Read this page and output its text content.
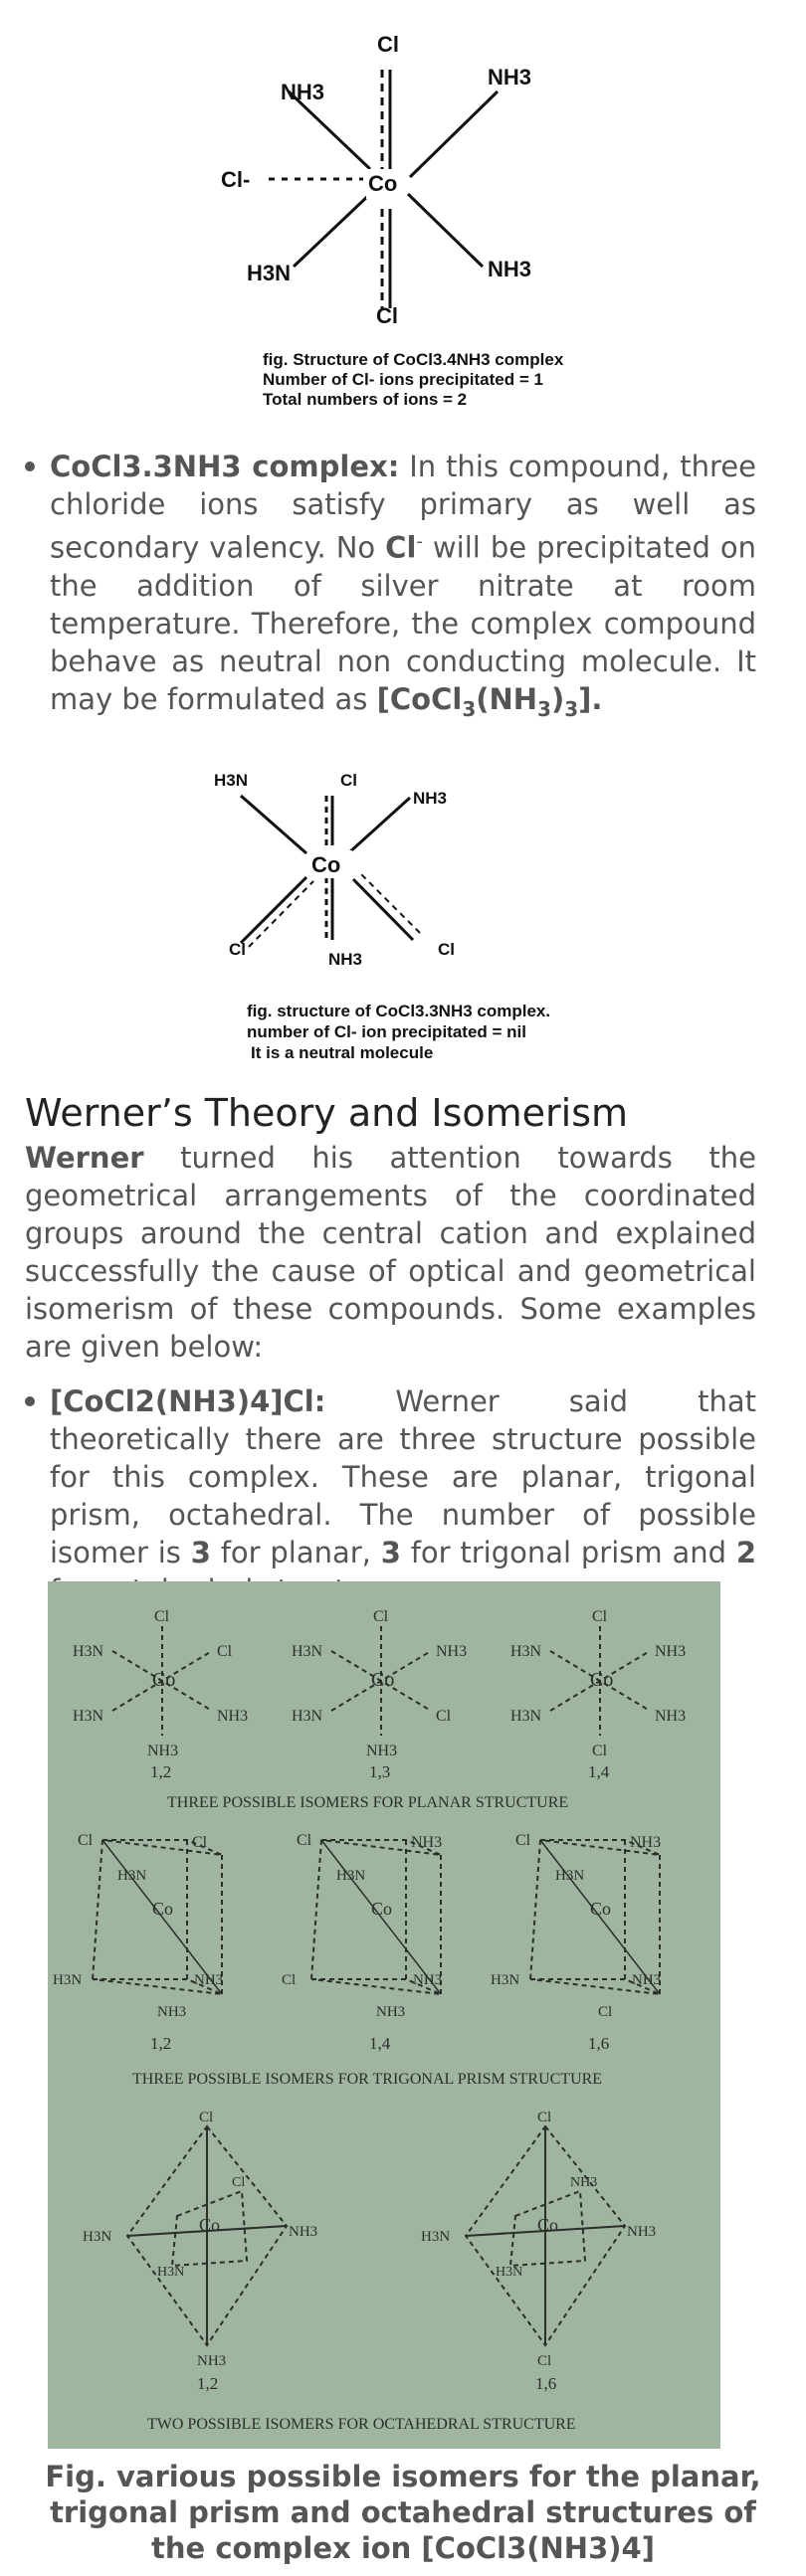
Cl
NH3
NH3
Cl-	Co
H3N	NH3
Cl
fig. Structure of CoCl3.4NH3 complex
Number of Cl- ions precipitated = 1
Total numbers of ions = 2
CoCl3.3NH3 complex: In this compound, three chloride ions satisfy primary as well as secondary valency. No Cl- will be precipitated on the addition of silver nitrate at room temperature. Therefore, the complex compound behave as neutral non conducting molecule. It may be formulated as $[CoCl_3(NH_3)_3]$.
H3N	Cl
NH3
Co
Cl
NH3
Cl
fig. structure of CoCl3.3NH3 complex.
number of Cl- ion precipitated = nil
It is a neutral molecule
Werner’s Theory and Isomerism
Werner turned his attention towards the geometrical arrangements of the coordinated groups around the central cation and explained successfully the cause of optical and geometrical isomerism of these compounds. Some examples are given below:
[CoCl2(NH3)4]Cl: Werner said that theoretically there are three structure possible for this complex. These are planar, trigonal prism, octahedral. The number of possible isomer is 3 for planar, 3 for trigonal prism and 2
Co
Cl
Cl
H3N
H3N	NH3
NH3
Co
Cl
NH3
H3N
H3N	Cl
NH3
Co
Cl
NH3
H3N
H3N	NH3
Cl
1,2	1,3	1,4
THREE POSSIBLE ISOMERS FOR PLANAR STRUCTURE
Co
Cl	Cl
H3N
H3N	NH3
NH3
Co
Cl	NH3
H3N
Cl	NH3
NH3
Co
Cl	NH3
H3N
H3N	NH3
Cl
1,2	1,4	1,6
THREE POSSIBLE ISOMERS FOR TRIGONAL PRISM STRUCTURE
Co
Cl
Cl
H3N	NH3
H3N
NH3
Co
Cl
NH3
H3N	NH3
H3N
Cl
1,2	1,6
TWO POSSIBLE ISOMERS FOR OCTAHEDRAL STRUCTURE
Fig. various possible isomers for the planar, trigonal prism and octahedral structures of the complex ion [CoCl3(NH3)4]
